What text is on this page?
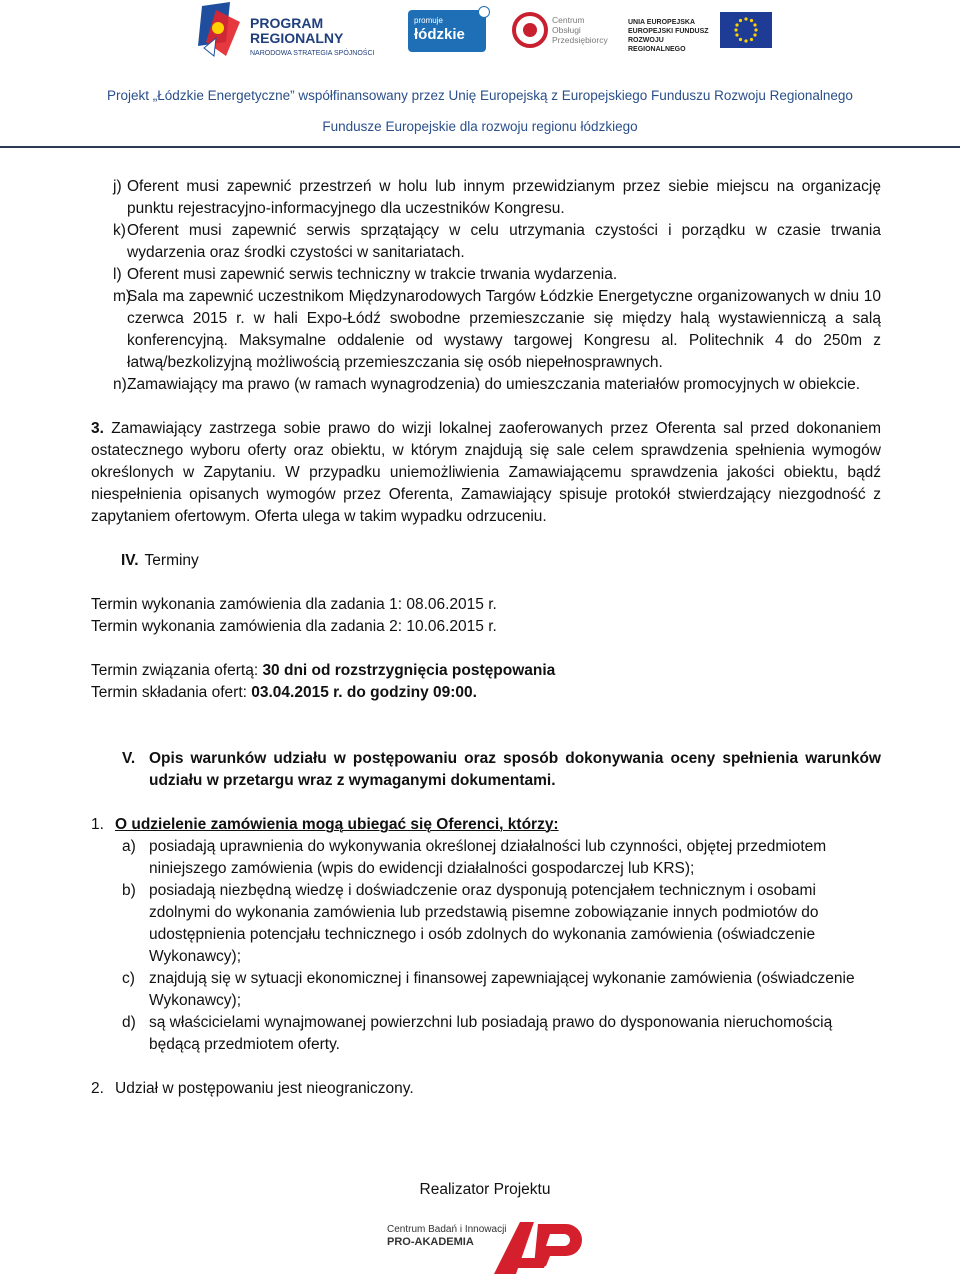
PROGRAM
REGIONALNY
NARODOWA STRATEGIA SPÓJNOŚCI
promuje
łódzkie
Centrum
Obsługi
Przedsiębiorcy
UNIA EUROPEJSKA
EUROPEJSKI FUNDUSZ
ROZWOJU REGIONALNEGO
Projekt „Łódzkie Energetyczne” współfinansowany przez Unię Europejską z Europejskiego Funduszu Rozwoju Regionalnego
Fundusze Europejskie dla rozwoju regionu łódzkiego
j) Oferent musi zapewnić przestrzeń w holu lub innym przewidzianym przez siebie miejscu na organizację punktu rejestracyjno-informacyjnego dla uczestników Kongresu.
k) Oferent musi zapewnić serwis sprzątający w celu utrzymania czystości i porządku w czasie trwania wydarzenia oraz środki czystości w sanitariatach.
l) Oferent musi zapewnić serwis techniczny w trakcie trwania wydarzenia.
m)
Sala ma zapewnić uczestnikom Międzynarodowych Targów Łódzkie Energetyczne organizowanych w dniu 10 czerwca 2015 r. w hali Expo-Łódź swobodne przemieszczanie się między halą wystawienniczą a salą konferencyjną. Maksymalne oddalenie od wystawy targowej Kongresu al. Politechnik 4 do 250m z łatwą/bezkolizyjną możliwością przemieszczania się osób niepełnosprawnych.
n) Zamawiający ma prawo (w ramach wynagrodzenia) do umieszczania materiałów promocyjnych w obiekcie.

3. Zamawiający zastrzega sobie prawo do wizji lokalnej zaoferowanych przez Oferenta sal przed dokonaniem ostatecznego wyboru oferty oraz obiektu, w którym znajdują się sale celem sprawdzenia spełnienia wymogów określonych w Zapytaniu. W przypadku uniemożliwienia Zamawiającemu sprawdzenia jakości obiektu, bądź niespełnienia opisanych wymogów przez Oferenta, Zamawiający spisuje protokół stwierdzający niezgodność z zapytaniem ofertowym. Oferta ulega w takim wypadku odrzuceniu.

IV. Terminy
Termin wykonania zamówienia dla zadania 1: 08.06.2015 r.
Termin wykonania zamówienia dla zadania 2: 10.06.2015 r.
Termin związania ofertą: 30 dni od rozstrzygnięcia postępowania
Termin składania ofert: 03.04.2015 r. do godziny 09:00.
V. Opis warunków udziału w postępowaniu oraz sposób dokonywania oceny spełnienia warunków udziału w przetargu wraz z wymaganymi dokumentami.
1. O udzielenie zamówienia mogą ubiegać się Oferenci, którzy:
a) posiadają uprawnienia do wykonywania określonej działalności lub czynności, objętej przedmiotem niniejszego zamówienia (wpis do ewidencji działalności gospodarczej lub KRS);
b) posiadają niezbędną wiedzę i doświadczenie oraz dysponują potencjałem technicznym i osobami zdolnymi do wykonania zamówienia lub przedstawią pisemne zobowiązanie innych podmiotów do udostępnienia potencjału technicznego i osób zdolnych do wykonania zamówienia (oświadczenie Wykonawcy);
c) znajdują się w sytuacji ekonomicznej i finansowej zapewniającej wykonanie zamówienia (oświadczenie Wykonawcy);
d) są właścicielami wynajmowanej powierzchni lub posiadają prawo do dysponowania nieruchomością będącą przedmiotem oferty.
2. Udział w postępowaniu jest nieograniczony.
Realizator Projektu
Centrum Badań i Innowacji
PRO-AKADEMIA
